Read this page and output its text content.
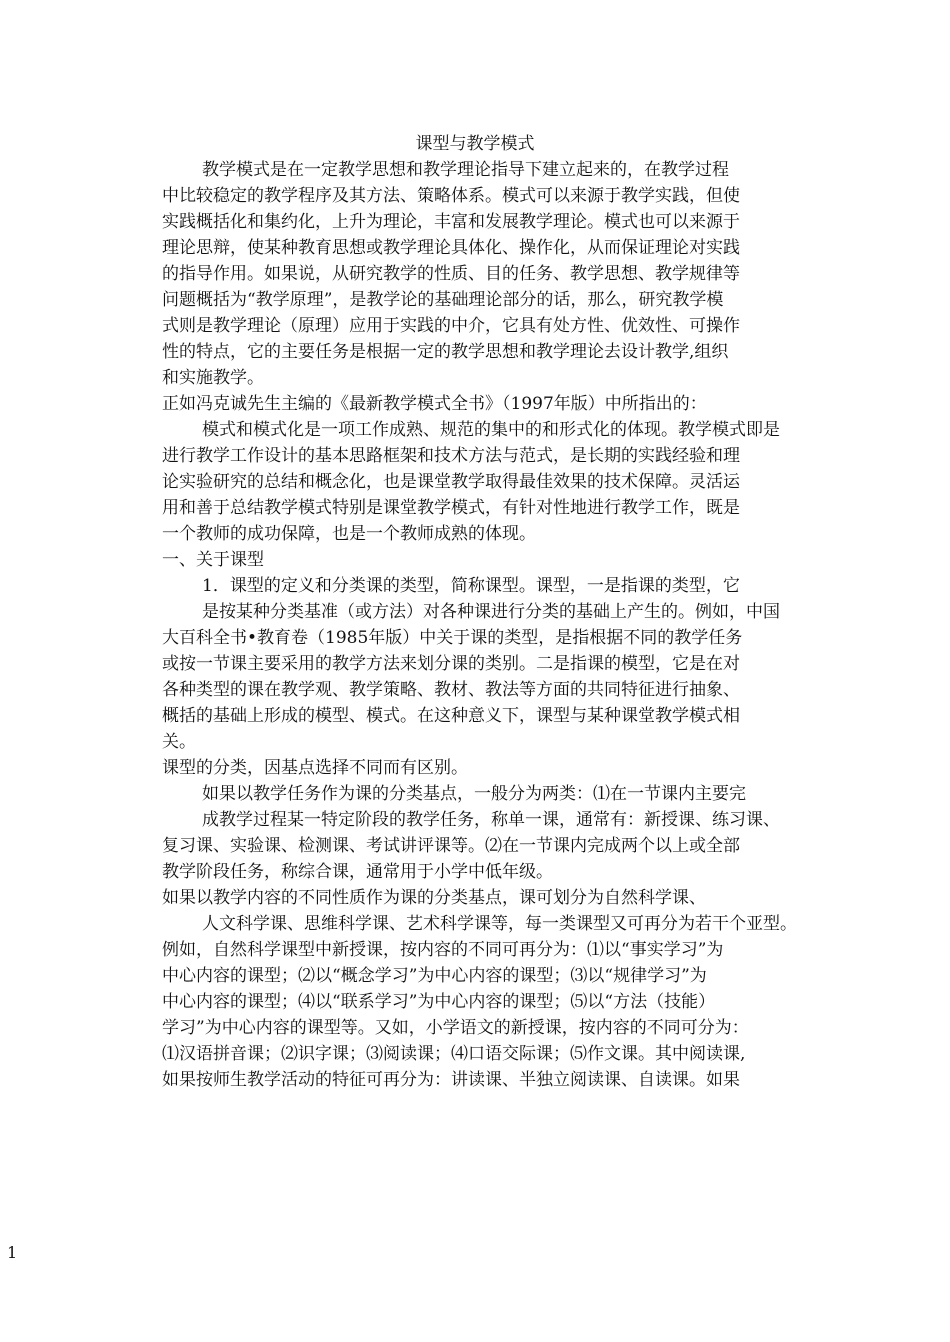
课型与教学模式
教学模式是在一定教学思想和教学理论指导下建立起来的，在教学过程
中比较稳定的教学程序及其方法、策略体系。模式可以来源于教学实践，但使
实践概括化和集约化，上升为理论，丰富和发展教学理论。模式也可以来源于
理论思辩，使某种教育思想或教学理论具体化、操作化，从而保证理论对实践
的指导作用。如果说，从研究教学的性质、目的任务、教学思想、教学规律等
问题概括为“教学原理”，是教学论的基础理论部分的话，那么，研究教学模
式则是教学理论（原理）应用于实践的中介，它具有处方性、优效性、可操作
性的特点，它的主要任务是根据一定的教学思想和教学理论去设计教学,组织
和实施教学。
正如冯克诚先生主编的《最新教学模式全书》（1997年版）中所指出的：
模式和模式化是一项工作成熟、规范的集中的和形式化的体现。教学模式即是
进行教学工作设计的基本思路框架和技术方法与范式，是长期的实践经验和理
论实验研究的总结和概念化，也是课堂教学取得最佳效果的技术保障。灵活运
用和善于总结教学模式特别是课堂教学模式，有针对性地进行教学工作，既是
一个教师的成功保障，也是一个教师成熟的体现。
一、关于课型
1．课型的定义和分类课的类型，简称课型。课型，一是指课的类型，它
是按某种分类基准（或方法）对各种课进行分类的基础上产生的。例如，中国
大百科全书•教育卷（1985年版）中关于课的类型，是指根据不同的教学任务
或按一节课主要采用的教学方法来划分课的类别。二是指课的模型，它是在对
各种类型的课在教学观、教学策略、教材、教法等方面的共同特征进行抽象、
概括的基础上形成的模型、模式。在这种意义下，课型与某种课堂教学模式相
关。
课型的分类，因基点选择不同而有区别。
如果以教学任务作为课的分类基点，一般分为两类：⑴在一节课内主要完
成教学过程某一特定阶段的教学任务，称单一课，通常有：新授课、练习课、
复习课、实验课、检测课、考试讲评课等。⑵在一节课内完成两个以上或全部
教学阶段任务，称综合课，通常用于小学中低年级。
如果以教学内容的不同性质作为课的分类基点，课可划分为自然科学课、
人文科学课、思维科学课、艺术科学课等，每一类课型又可再分为若干个亚型。
例如，自然科学课型中新授课，按内容的不同可再分为：⑴以“事实学习”为
中心内容的课型；⑵以“概念学习”为中心内容的课型；⑶以“规律学习”为
中心内容的课型；⑷以“联系学习”为中心内容的课型；⑸以“方法（技能）
学习”为中心内容的课型等。又如，小学语文的新授课，按内容的不同可分为：
⑴汉语拼音课；⑵识字课；⑶阅读课；⑷口语交际课；⑸作文课。其中阅读课,
如果按师生教学活动的特征可再分为：讲读课、半独立阅读课、自读课。如果
1
